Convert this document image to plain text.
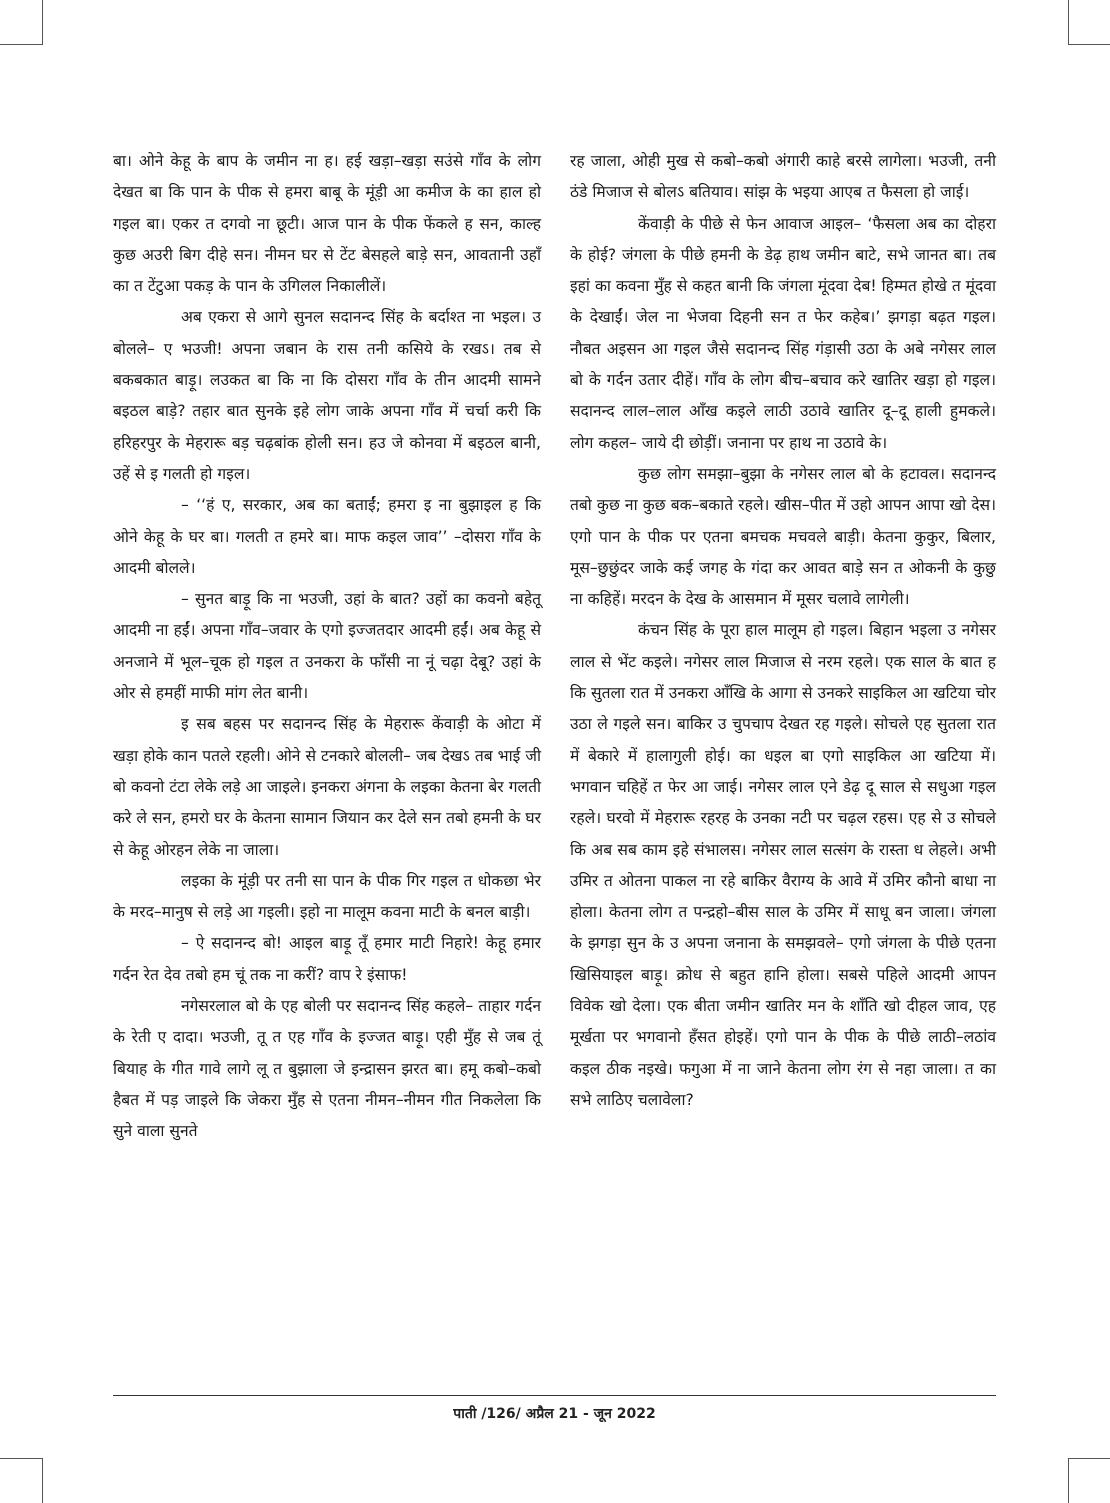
बा। ओने केहू के बाप के जमीन ना ह। हई खड़ा–खड़ा सउंसे गाँव के लोग देखत बा कि पान के पीक से हमरा बाबू के मूंड़ी आ कमीज के का हाल हो गइल बा। एकर त दगवो ना छूटी। आज पान के पीक फेंकले ह सन, काल्ह कुछ अउरी बिग दीहे सन। नीमन घर से टेंट बेसहले बाड़े सन, आवतानी उहाँ का त टेंटुआ पकड़ के पान के उगिलल निकालीलें।

अब एकरा से आगे सुनल सदानन्द सिंह के बर्दाश्त ना भइल। उ बोलले– ए भउजी! अपना जबान के रास तनी कसिये के रखऽ। तब से बकबकात बाड़ू। लउकत बा कि ना कि दोसरा गाँव के तीन आदमी सामने बइठल बाड़े? तहार बात सुनके इहे लोग जाके अपना गाँव में चर्चा करी कि हरिहरपुर के मेहरारू बड़ चढ़बांक होली सन। हउ जे कोनवा में बइठल बानी, उहें से इ गलती हो गइल।

– ‘‘हं ए, सरकार, अब का बताईं; हमरा इ ना बुझाइल ह कि ओने केहू के घर बा। गलती त हमरे बा। माफ कइल जाव’’ –दोसरा गाँव के आदमी बोलले।

– सुनत बाड़ू कि ना भउजी, उहां के बात? उहों का कवनो बहेतू आदमी ना हईं। अपना गाँव–जवार के एगो इज्जतदार आदमी हईं। अब केहू से अनजाने में भूल–चूक हो गइल त उनकरा के फाँसी ना नूं चढ़ा देबू? उहां के ओर से हमहीं माफी मांग लेत बानी।

इ सब बहस पर सदानन्द सिंह के मेहरारू केंवाड़ी के ओटा में खड़ा होके कान पतले रहली। ओने से टनकारे बोलली– जब देखऽ तब भाई जी बो कवनो टंटा लेके लड़े आ जाइले। इनकरा अंगना के लइका केतना बेर गलती करे ले सन, हमरो घर के केतना सामान जियान कर देले सन तबो हमनी के घर से केहू ओरहन लेके ना जाला।

लइका के मूंड़ी पर तनी सा पान के पीक गिर गइल त धोकछा भेर के मरद–मानुष से लड़े आ गइली। इहो ना मालूम कवना माटी के बनल बाड़ी।

– ऐ सदानन्द बो! आइल बाड़ू तूँ हमार माटी निहारे! केहू हमार गर्दन रेत देव तबो हम चूं तक ना करीं? वाप रे इंसाफ!

नगेसरलाल बो के एह बोली पर सदानन्द सिंह कहले– ताहार गर्दन के रेती ए दादा। भउजी, तू त एह गाँव के इज्जत बाड़ू। एही मुँह से जब तूं बियाह के गीत गावे लागे लू त बुझाला जे इन्द्रासन झरत बा। हमू कबो–कबो हैबत में पड़ जाइले कि जेकरा मुँह से एतना नीमन–नीमन गीत निकलेला कि सुने वाला सुनते

रह जाला, ओही मुख से कबो–कबो अंगारी काहे बरसे लागेला। भउजी, तनी ठंडे मिजाज से बोलऽ बतियाव। सांझ के भइया आएब त फैसला हो जाई।

केंवाड़ी के पीछे से फेन आवाज आइल– ‘फैसला अब का दोहरा के होई? जंगला के पीछे हमनी के डेढ़ हाथ जमीन बाटे, सभे जानत बा। तब इहां का कवना मुँह से कहत बानी कि जंगला मूंदवा देब! हिम्मत होखे त मूंदवा के देखाईं। जेल ना भेजवा दिहनी सन त फेर कहेब।’ झगड़ा बढ़त गइल। नौबत अइसन आ गइल जैसे सदानन्द सिंह गंड़ासी उठा के अबे नगेसर लाल बो के गर्दन उतार दीहें। गाँव के लोग बीच–बचाव करे खातिर खड़ा हो गइल। सदानन्द लाल–लाल आँख कइले लाठी उठावे खातिर दू–दू हाली हुमकले। लोग कहल– जाये दी छोड़ीं। जनाना पर हाथ ना उठावे के।

कुछ लोग समझा–बुझा के नगेसर लाल बो के हटावल। सदानन्द तबो कुछ ना कुछ बक–बकाते रहले। खीस–पीत में उहो आपन आपा खो देस। एगो पान के पीक पर एतना बमचक मचवले बाड़ी। केतना कुकुर, बिलार, मूस–छुछुंदर जाके कई जगह के गंदा कर आवत बाड़े सन त ओकनी के कुछु ना कहिहें। मरदन के देख के आसमान में मूसर चलावे लागेली।

कंचन सिंह के पूरा हाल मालूम हो गइल। बिहान भइला उ नगेसर लाल से भेंट कइले। नगेसर लाल मिजाज से नरम रहले। एक साल के बात ह कि सुतला रात में उनकरा आँखि के आगा से उनकरे साइकिल आ खटिया चोर उठा ले गइले सन। बाकिर उ चुपचाप देखत रह गइले। सोचले एह सुतला रात में बेकारे में हालागुली होई। का धइल बा एगो साइकिल आ खटिया में। भगवान चहिहें त फेर आ जाई। नगेसर लाल एने डेढ़ दू साल से सधुआ गइल रहले। घरवो में मेहरारू रहरह के उनका नटी पर चढ़ल रहस। एह से उ सोचले कि अब सब काम इहे संभालस। नगेसर लाल सत्संग के रास्ता ध लेहले। अभी उमिर त ओतना पाकल ना रहे बाकिर वैराग्य के आवे में उमिर कौनो बाधा ना होला। केतना लोग त पन्द्रहो–बीस साल के उमिर में साधू बन जाला। जंगला के झगड़ा सुन के उ अपना जनाना के समझवले– एगो जंगला के पीछे एतना खिसियाइल बाड़ू। क्रोध से बहुत हानि होला। सबसे पहिले आदमी आपन विवेक खो देला। एक बीता जमीन खातिर मन के शाँति खो दीहल जाव, एह मूर्खता पर भगवानो हँसत होइहें। एगो पान के पीक के पीछे लाठी–लठांव कइल ठीक नइखे। फगुआ में ना जाने केतना लोग रंग से नहा जाला। त का सभे लाठिए चलावेला?

पाती /126/ अप्रैल 21 - जून 2022
